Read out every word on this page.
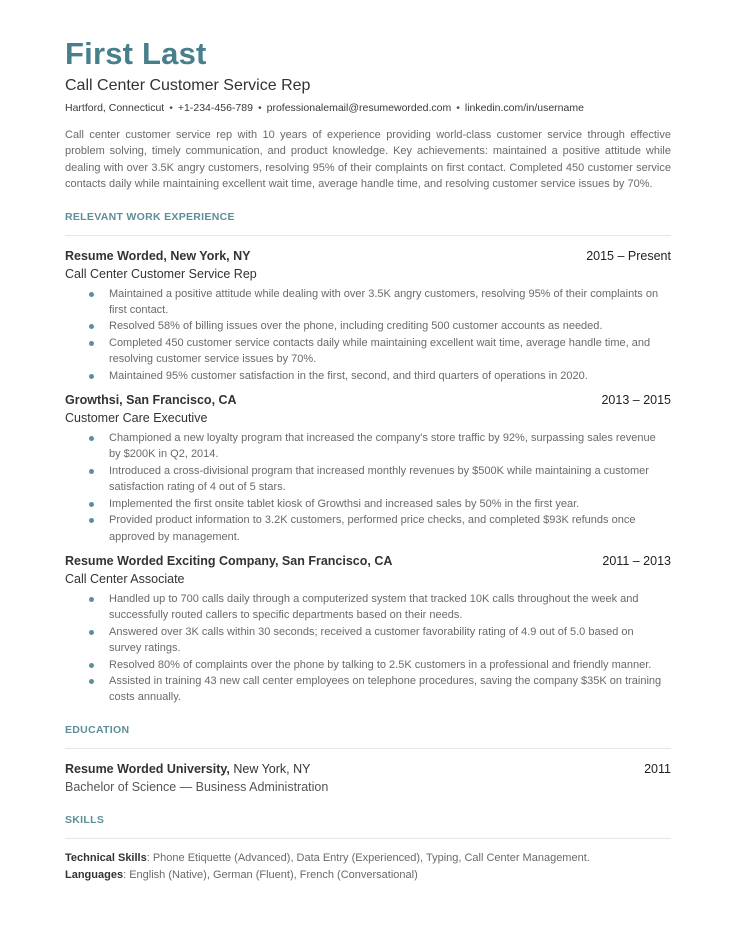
First Last
Call Center Customer Service Rep
Hartford, Connecticut • +1-234-456-789 • professionalemail@resumeworded.com • linkedin.com/in/username
Call center customer service rep with 10 years of experience providing world-class customer service through effective problem solving, timely communication, and product knowledge. Key achievements: maintained a positive attitude while dealing with over 3.5K angry customers, resolving 95% of their complaints on first contact. Completed 450 customer service contacts daily while maintaining excellent wait time, average handle time, and resolving customer service issues by 70%.
RELEVANT WORK EXPERIENCE
Resume Worded, New York, NY	2015 – Present
Call Center Customer Service Rep
Maintained a positive attitude while dealing with over 3.5K angry customers, resolving 95% of their complaints on first contact.
Resolved 58% of billing issues over the phone, including crediting 500 customer accounts as needed.
Completed 450 customer service contacts daily while maintaining excellent wait time, average handle time, and resolving customer service issues by 70%.
Maintained 95% customer satisfaction in the first, second, and third quarters of operations in 2020.
Growthsi, San Francisco, CA	2013 – 2015
Customer Care Executive
Championed a new loyalty program that increased the company's store traffic by 92%, surpassing sales revenue by $200K in Q2, 2014.
Introduced a cross-divisional program that increased monthly revenues by $500K while maintaining a customer satisfaction rating of 4 out of 5 stars.
Implemented the first onsite tablet kiosk of Growthsi and increased sales by 50% in the first year.
Provided product information to 3.2K customers, performed price checks, and completed $93K refunds once approved by management.
Resume Worded Exciting Company, San Francisco, CA	2011 – 2013
Call Center Associate
Handled up to 700 calls daily through a computerized system that tracked 10K calls throughout the week and successfully routed callers to specific departments based on their needs.
Answered over 3K calls within 30 seconds; received a customer favorability rating of 4.9 out of 5.0 based on survey ratings.
Resolved 80% of complaints over the phone by talking to 2.5K customers in a professional and friendly manner.
Assisted in training 43 new call center employees on telephone procedures, saving the company $35K on training costs annually.
EDUCATION
Resume Worded University, New York, NY	2011
Bachelor of Science — Business Administration
SKILLS
Technical Skills: Phone Etiquette (Advanced), Data Entry (Experienced), Typing, Call Center Management.
Languages: English (Native), German (Fluent), French (Conversational)
